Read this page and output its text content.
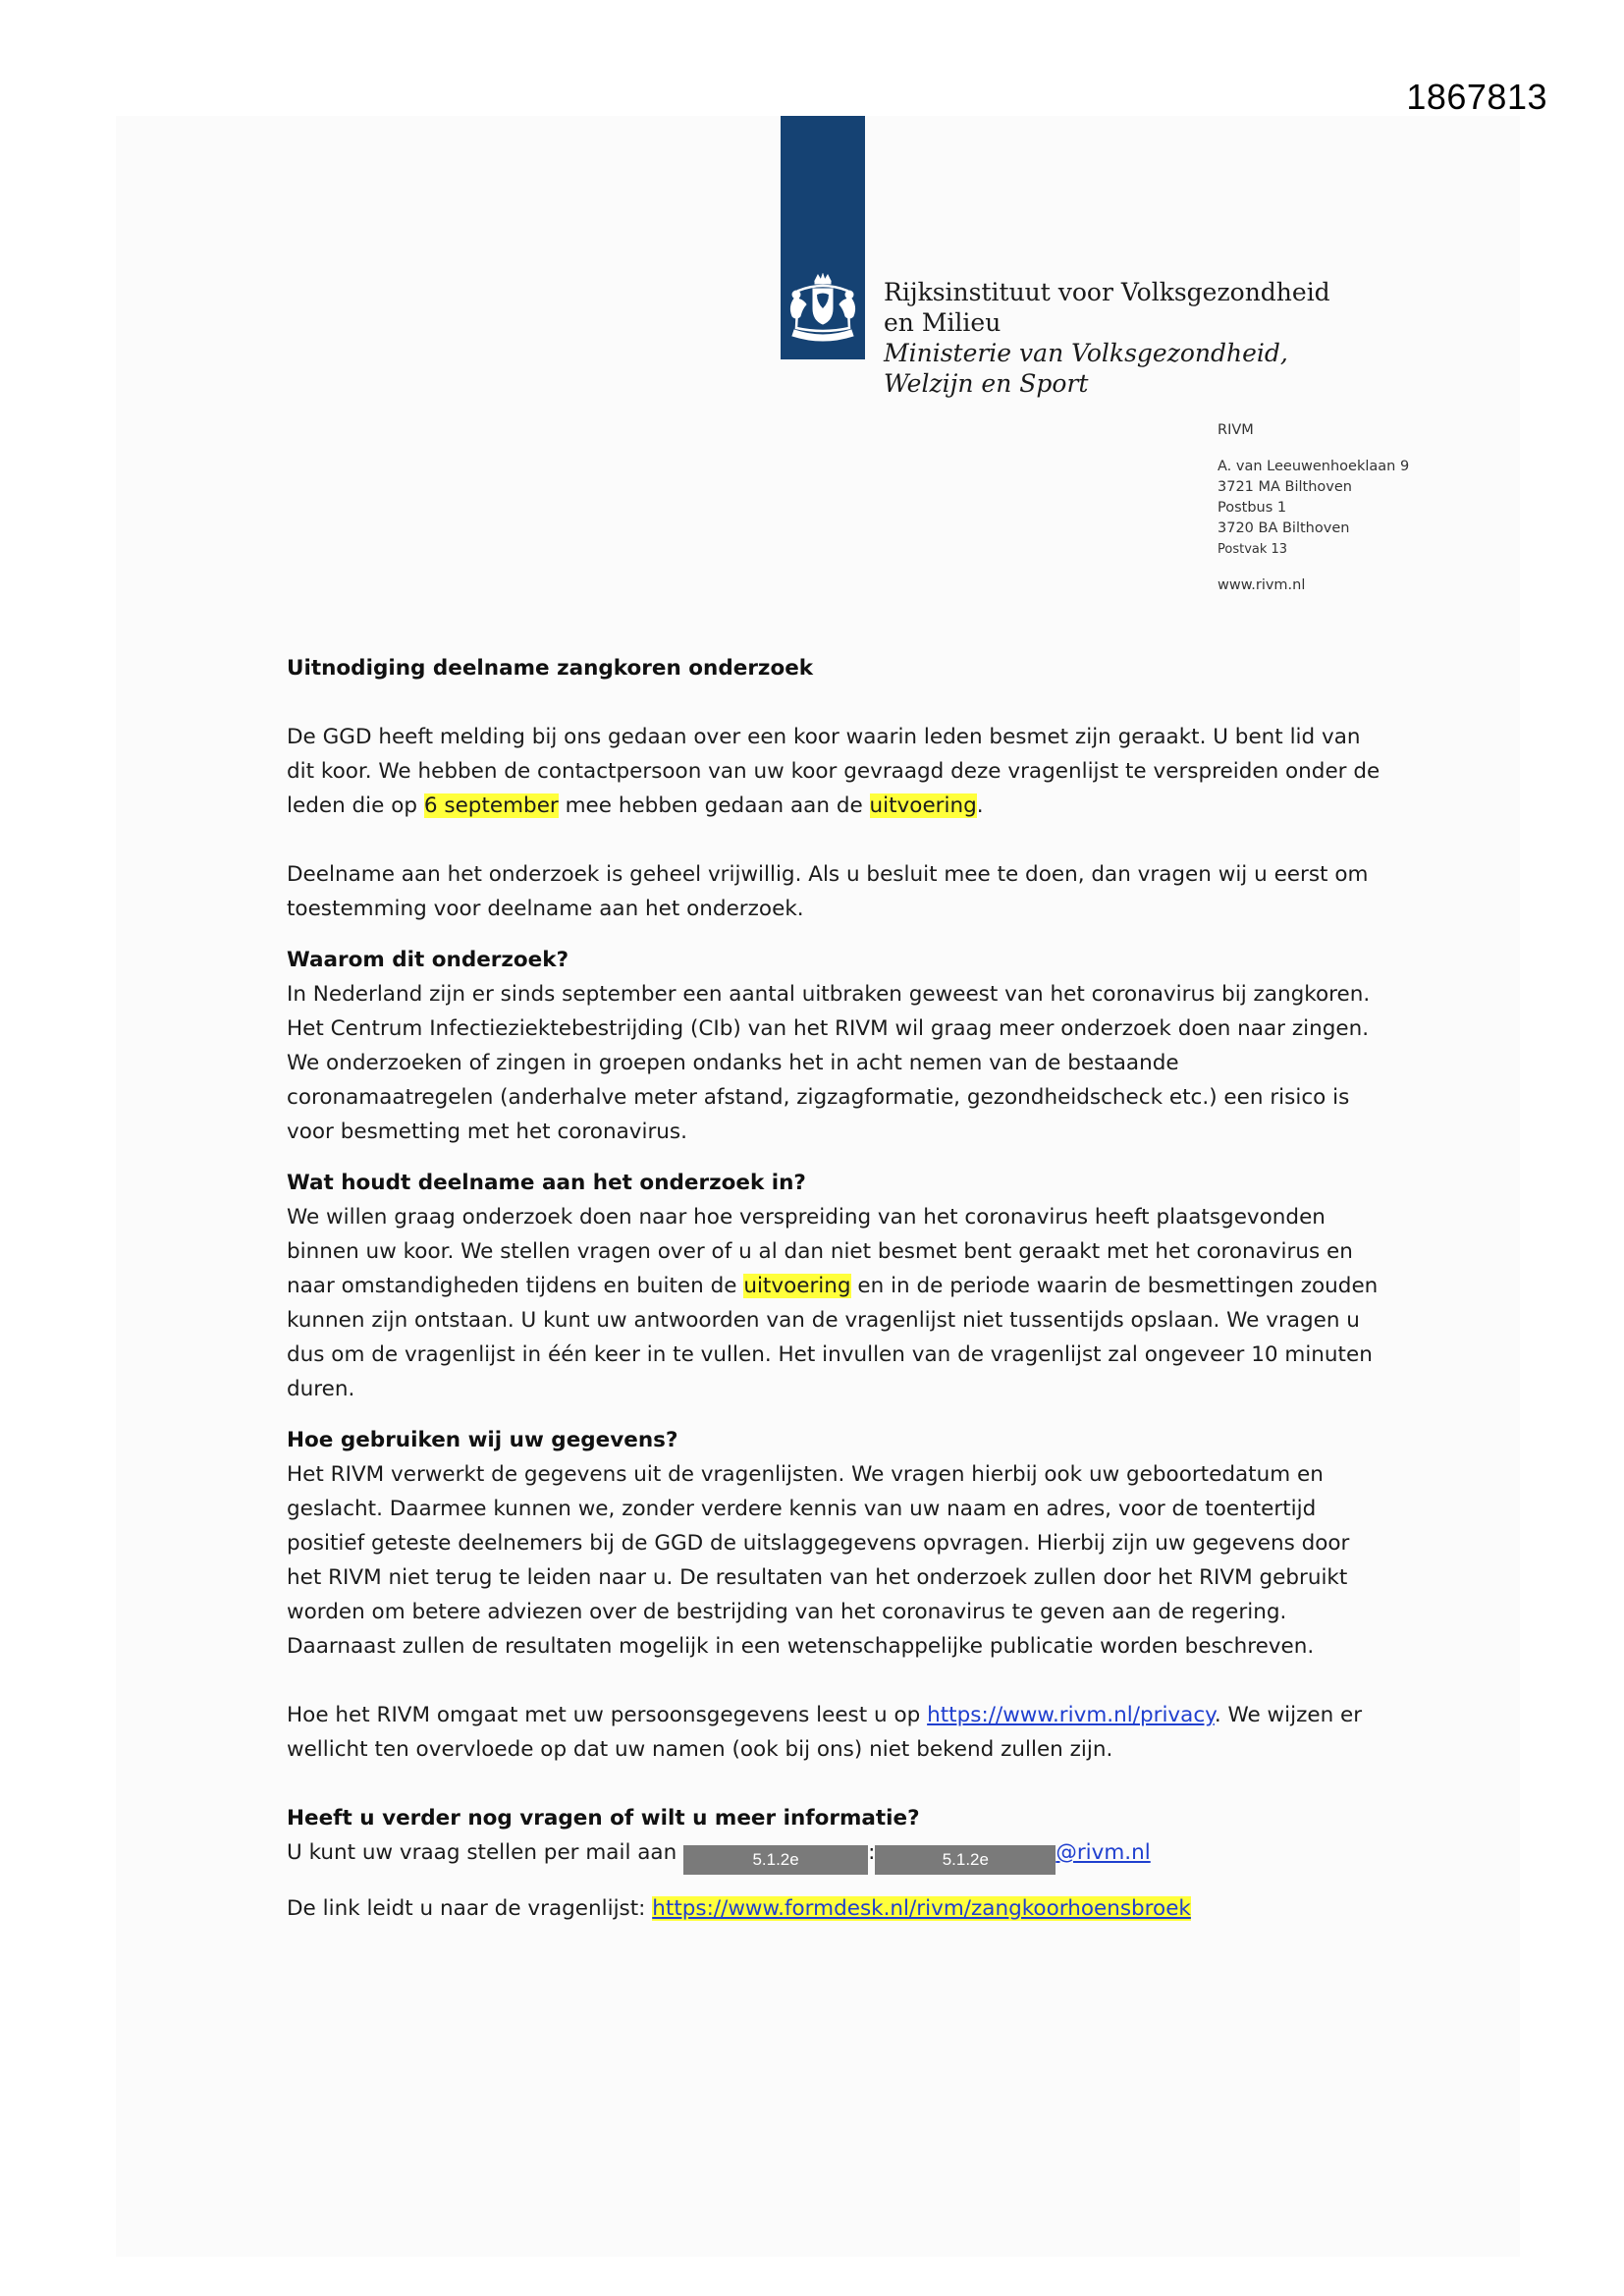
1867813
Rijksinstituut voor Volksgezondheid
en Milieu
Ministerie van Volksgezondheid,
Welzijn en Sport
RIVM
A. van Leeuwenhoeklaan 9
3721 MA Bilthoven
Postbus 1
3720 BA Bilthoven
Postvak 13
www.rivm.nl
Uitnodiging deelname zangkoren onderzoek

De GGD heeft melding bij ons gedaan over een koor waarin leden besmet zijn geraakt. U bent lid van dit koor. We hebben de contactpersoon van uw koor gevraagd deze vragenlijst te verspreiden onder de leden die op 6 september mee hebben gedaan aan de uitvoering.

Deelname aan het onderzoek is geheel vrijwillig. Als u besluit mee te doen, dan vragen wij u eerst om toestemming voor deelname aan het onderzoek.

Waarom dit onderzoek?

In Nederland zijn er sinds september een aantal uitbraken geweest van het coronavirus bij zangkoren. Het Centrum Infectieziektebestrijding (CIb) van het RIVM wil graag meer onderzoek doen naar zingen. We onderzoeken of zingen in groepen ondanks het in acht nemen van de bestaande coronamaatregelen (anderhalve meter afstand, zigzagformatie, gezondheidscheck etc.) een risico is voor besmetting met het coronavirus.

Wat houdt deelname aan het onderzoek in?

We willen graag onderzoek doen naar hoe verspreiding van het coronavirus heeft plaatsgevonden binnen uw koor. We stellen vragen over of u al dan niet besmet bent geraakt met het coronavirus en naar omstandigheden tijdens en buiten de uitvoering en in de periode waarin de besmettingen zouden kunnen zijn ontstaan. U kunt uw antwoorden van de vragenlijst niet tussentijds opslaan. We vragen u dus om de vragenlijst in één keer in te vullen. Het invullen van de vragenlijst zal ongeveer 10 minuten duren.

Hoe gebruiken wij uw gegevens?

Het RIVM verwerkt de gegevens uit de vragenlijsten. We vragen hierbij ook uw geboortedatum en geslacht. Daarmee kunnen we, zonder verdere kennis van uw naam en adres, voor de toentertijd positief geteste deelnemers bij de GGD de uitslaggegevens opvragen. Hierbij zijn uw gegevens door het RIVM niet terug te leiden naar u. De resultaten van het onderzoek zullen door het RIVM gebruikt worden om betere adviezen over de bestrijding van het coronavirus te geven aan de regering. Daarnaast zullen de resultaten mogelijk in een wetenschappelijke publicatie worden beschreven.

Hoe het RIVM omgaat met uw persoonsgegevens leest u op https://www.rivm.nl/privacy. We wijzen er wellicht ten overvloede op dat uw namen (ook bij ons) niet bekend zullen zijn.

Heeft u verder nog vragen of wilt u meer informatie?

U kunt uw vraag stellen per mail aan	5.1.2e	:	5.1.2e	@rivm.nl

De link leidt u naar de vragenlijst: https://www.formdesk.nl/rivm/zangkoorhoensbroek
